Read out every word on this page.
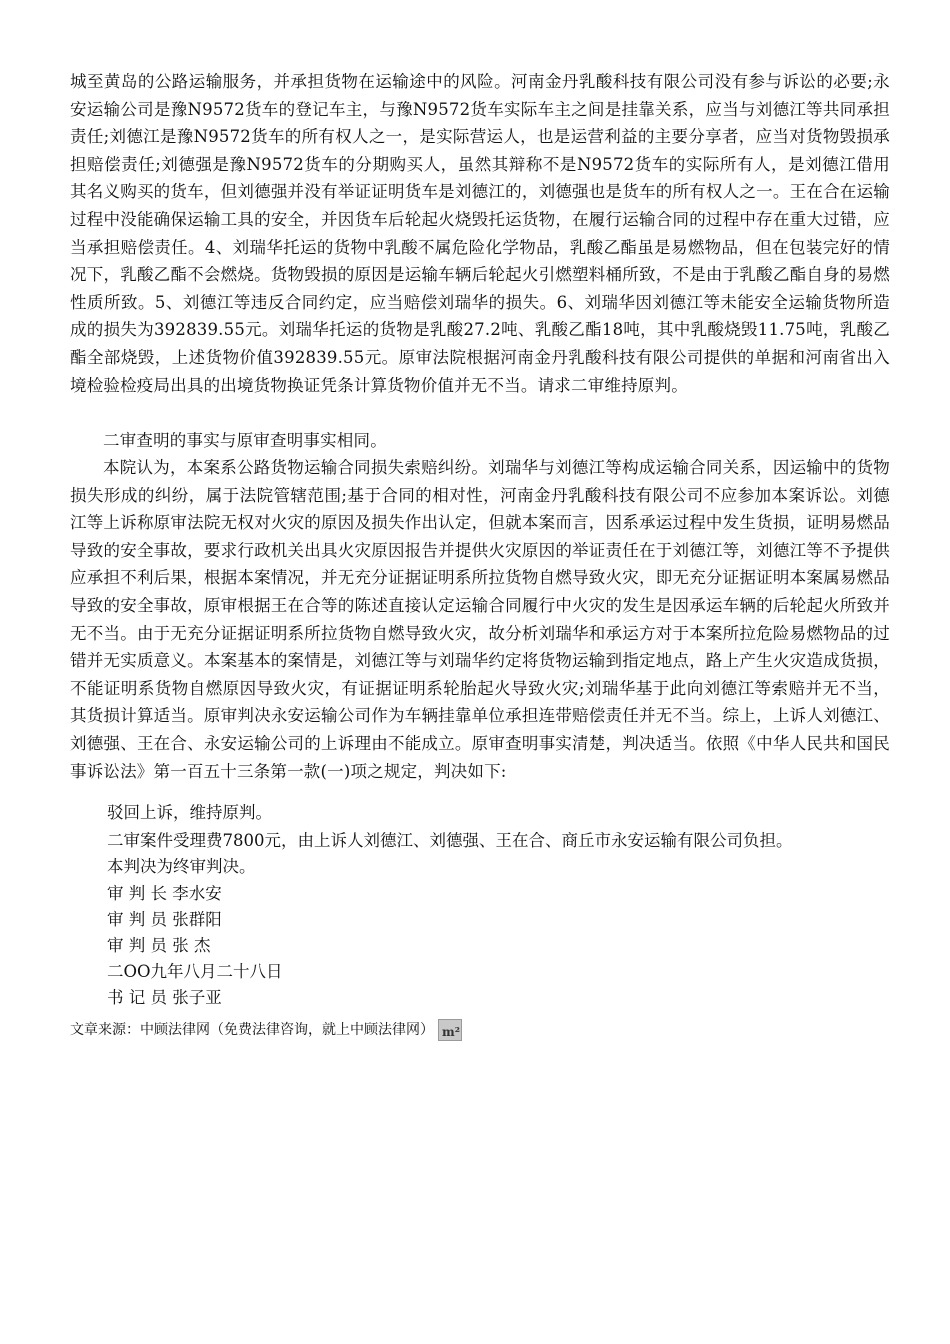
城至黄岛的公路运输服务，并承担货物在运输途中的风险。河南金丹乳酸科技有限公司没有参与诉讼的必要;永安运输公司是豫N9572货车的登记车主，与豫N9572货车实际车主之间是挂靠关系，应当与刘德江等共同承担责任;刘德江是豫N9572货车的所有权人之一，是实际营运人，也是运营利益的主要分享者，应当对货物毁损承担赔偿责任;刘德强是豫N9572货车的分期购买人，虽然其辩称不是N9572货车的实际所有人，是刘德江借用其名义购买的货车，但刘德强并没有举证证明货车是刘德江的，刘德强也是货车的所有权人之一。王在合在运输过程中没能确保运输工具的安全，并因货车后轮起火烧毁托运货物，在履行运输合同的过程中存在重大过错，应当承担赔偿责任。4、刘瑞华托运的货物中乳酸不属危险化学物品，乳酸乙酯虽是易燃物品，但在包装完好的情况下，乳酸乙酯不会燃烧。货物毁损的原因是运输车辆后轮起火引燃塑料桶所致，不是由于乳酸乙酯自身的易燃性质所致。5、刘德江等违反合同约定，应当赔偿刘瑞华的损失。6、刘瑞华因刘德江等未能安全运输货物所造成的损失为392839.55元。刘瑞华托运的货物是乳酸27.2吨、乳酸乙酯18吨，其中乳酸烧毁11.75吨，乳酸乙酯全部烧毁，上述货物价值392839.55元。原审法院根据河南金丹乳酸科技有限公司提供的单据和河南省出入境检验检疫局出具的出境货物换证凭条计算货物价值并无不当。请求二审维持原判。

二审查明的事实与原审查明事实相同。

本院认为，本案系公路货物运输合同损失索赔纠纷。刘瑞华与刘德江等构成运输合同关系，因运输中的货物损失形成的纠纷，属于法院管辖范围;基于合同的相对性，河南金丹乳酸科技有限公司不应参加本案诉讼。刘德江等上诉称原审法院无权对火灾的原因及损失作出认定，但就本案而言，因系承运过程中发生货损，证明易燃品导致的安全事故，要求行政机关出具火灾原因报告并提供火灾原因的举证责任在于刘德江等，刘德江等不予提供应承担不利后果，根据本案情况，并无充分证据证明系所拉货物自燃导致火灾，即无充分证据证明本案属易燃品导致的安全事故，原审根据王在合等的陈述直接认定运输合同履行中火灾的发生是因承运车辆的后轮起火所致并无不当。由于无充分证据证明系所拉货物自燃导致火灾，故分析刘瑞华和承运方对于本案所拉危险易燃物品的过错并无实质意义。本案基本的案情是，刘德江等与刘瑞华约定将货物运输到指定地点，路上产生火灾造成货损，不能证明系货物自燃原因导致火灾，有证据证明系轮胎起火导致火灾;刘瑞华基于此向刘德江等索赔并无不当，其货损计算适当。原审判决永安运输公司作为车辆挂靠单位承担连带赔偿责任并无不当。综上，上诉人刘德江、刘德强、王在合、永安运输公司的上诉理由不能成立。原审查明事实清楚，判决适当。依照《中华人民共和国民事诉讼法》第一百五十三条第一款(一)项之规定，判决如下:

驳回上诉，维持原判。

二审案件受理费7800元，由上诉人刘德江、刘德强、王在合、商丘市永安运输有限公司负担。

本判决为终审判决。

审 判 长 李水安

审 判 员 张群阳

审 判 员 张 杰

二ОО九年八月二十八日

书 记 员 张子亚

文章来源：中顾法律网（免费法律咨询，就上中顾法律网） m²
